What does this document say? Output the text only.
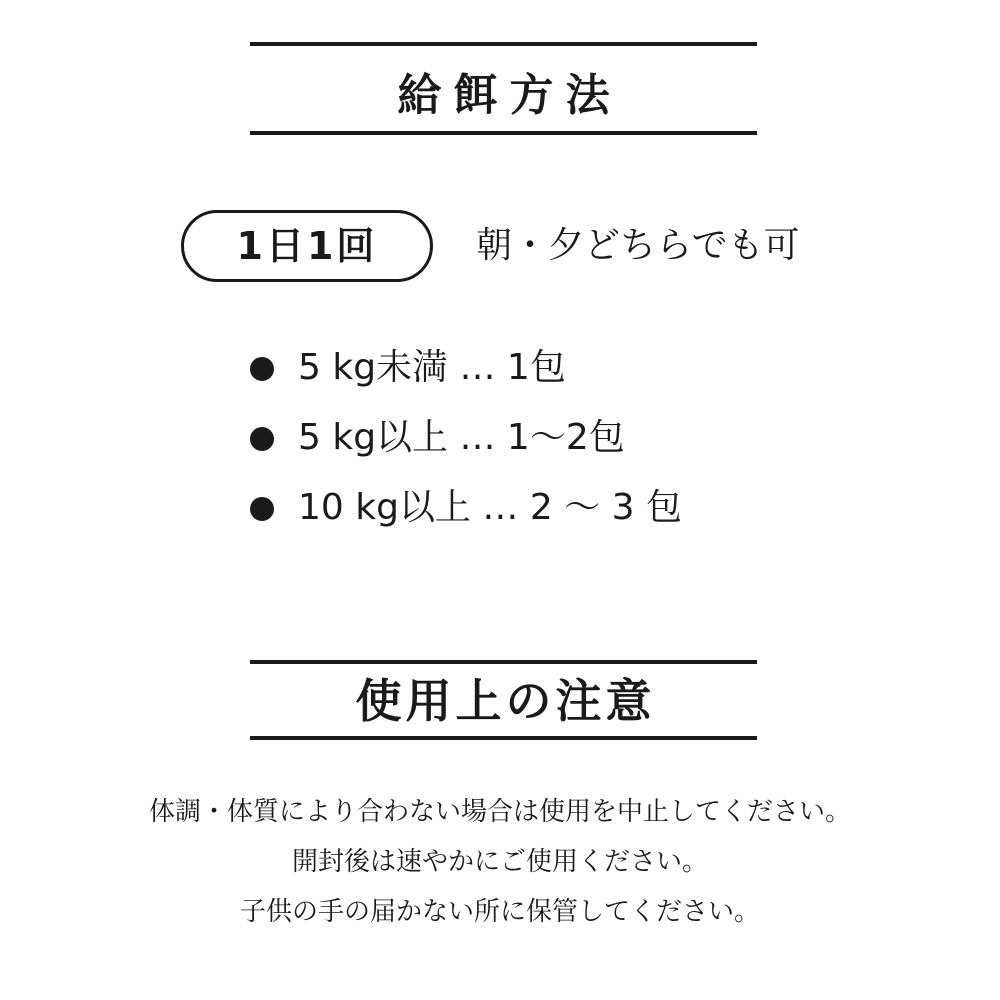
給餌方法
1日1回	朝・夕どちらでも可
5 kg未満 … 1包
5 kg以上 … 1～2包
10 kg以上 … 2 ～ 3 包
使用上の注意
体調・体質により合わない場合は使用を中止してください。
開封後は速やかにご使用ください。
子供の手の届かない所に保管してください。
